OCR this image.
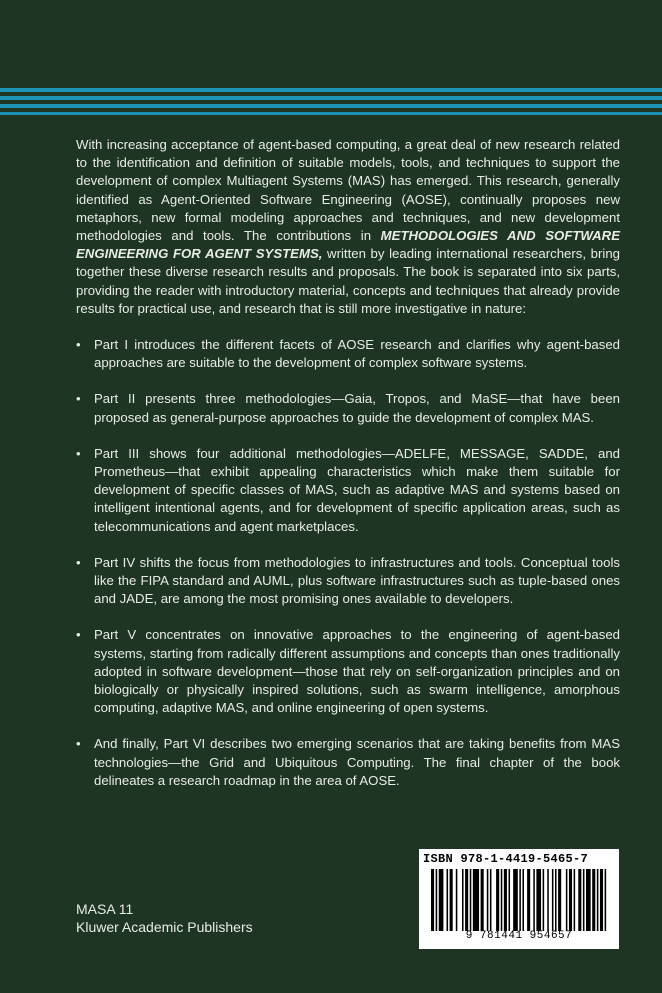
With increasing acceptance of agent-based computing, a great deal of new research related to the identification and definition of suitable models, tools, and techniques to support the development of complex Multiagent Systems (MAS) has emerged. This research, generally identified as Agent-Oriented Software Engineering (AOSE), continually proposes new metaphors, new formal modeling approaches and techniques, and new development methodologies and tools. The contributions in METHODOLOGIES AND SOFTWARE ENGINEERING FOR AGENT SYSTEMS, written by leading international researchers, bring together these diverse research results and proposals. The book is separated into six parts, providing the reader with introductory material, concepts and techniques that already provide results for practical use, and research that is still more investigative in nature:

• Part I introduces the different facets of AOSE research and clarifies why agent-based approaches are suitable to the development of complex software systems.
• Part II presents three methodologies—Gaia, Tropos, and MaSE—that have been proposed as general-purpose approaches to guide the development of complex MAS.
• Part III shows four additional methodologies—ADELFE, MESSAGE, SADDE, and Prometheus—that exhibit appealing characteristics which make them suitable for development of specific classes of MAS, such as adaptive MAS and systems based on intelligent intentional agents, and for development of specific application areas, such as telecommunications and agent marketplaces.
• Part IV shifts the focus from methodologies to infrastructures and tools. Conceptual tools like the FIPA standard and AUML, plus software infrastructures such as tuple-based ones and JADE, are among the most promising ones available to developers.
• Part V concentrates on innovative approaches to the engineering of agent-based systems, starting from radically different assumptions and concepts than ones traditionally adopted in software development—those that rely on self-organization principles and on biologically or physically inspired solutions, such as swarm intelligence, amorphous computing, adaptive MAS, and online engineering of open systems.
• And finally, Part VI describes two emerging scenarios that are taking benefits from MAS technologies—the Grid and Ubiquitous Computing. The final chapter of the book delineates a research roadmap in the area of AOSE.
MASA 11
Kluwer Academic Publishers
ISBN 978-1-4419-5465-7
9 781441 954657
